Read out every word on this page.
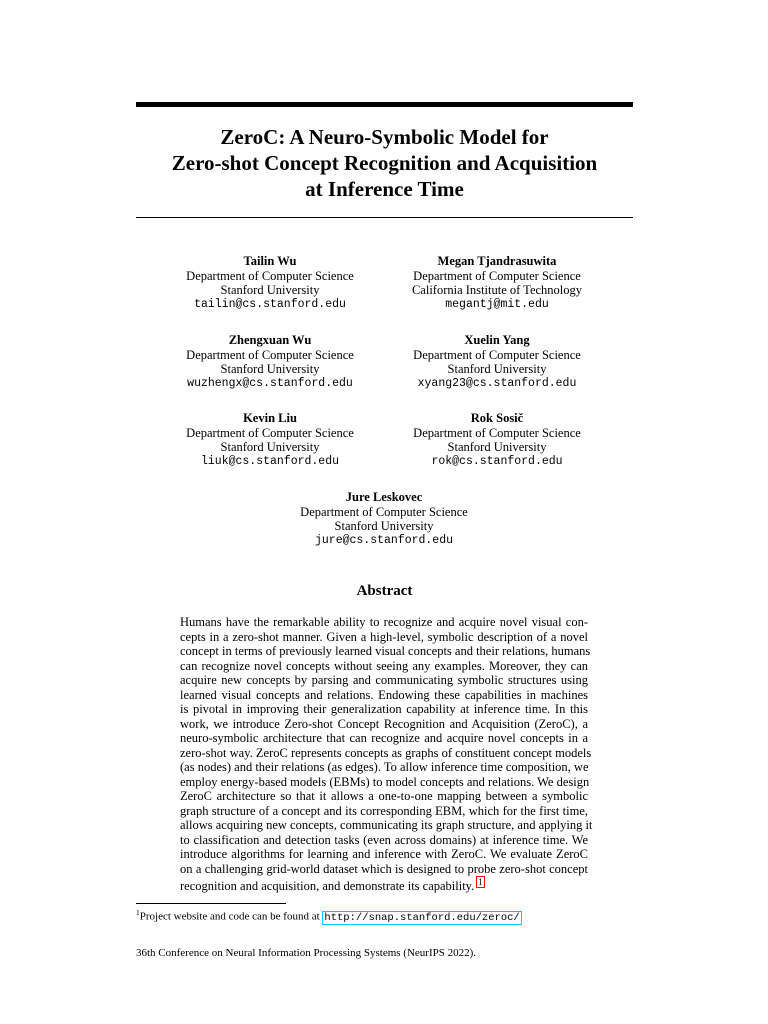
ZeroC: A Neuro-Symbolic Model for
Zero-shot Concept Recognition and Acquisition
at Inference Time
Tailin Wu
Department of Computer Science
Stanford University
tailin@cs.stanford.edu
Megan Tjandrasuwita
Department of Computer Science
California Institute of Technology
megantj@mit.edu
Zhengxuan Wu
Department of Computer Science
Stanford University
wuzhengx@cs.stanford.edu
Xuelin Yang
Department of Computer Science
Stanford University
xyang23@cs.stanford.edu
Kevin Liu
Department of Computer Science
Stanford University
liuk@cs.stanford.edu
Rok Sosič
Department of Computer Science
Stanford University
rok@cs.stanford.edu
Jure Leskovec
Department of Computer Science
Stanford University
jure@cs.stanford.edu
Abstract
Humans have the remarkable ability to recognize and acquire novel visual con-
cepts in a zero-shot manner. Given a high-level, symbolic description of a novel
concept in terms of previously learned visual concepts and their relations, humans
can recognize novel concepts without seeing any examples. Moreover, they can
acquire new concepts by parsing and communicating symbolic structures using
learned visual concepts and relations. Endowing these capabilities in machines
is pivotal in improving their generalization capability at inference time. In this
work, we introduce Zero-shot Concept Recognition and Acquisition (ZeroC), a
neuro-symbolic architecture that can recognize and acquire novel concepts in a
zero-shot way. ZeroC represents concepts as graphs of constituent concept models
(as nodes) and their relations (as edges). To allow inference time composition, we
employ energy-based models (EBMs) to model concepts and relations. We design
ZeroC architecture so that it allows a one-to-one mapping between a symbolic
graph structure of a concept and its corresponding EBM, which for the first time,
allows acquiring new concepts, communicating its graph structure, and applying it
to classification and detection tasks (even across domains) at inference time. We
introduce algorithms for learning and inference with ZeroC. We evaluate ZeroC
on a challenging grid-world dataset which is designed to probe zero-shot concept
recognition and acquisition, and demonstrate its capability. 1
$^1$Project website and code can be found at http://snap.stanford.edu/zeroc/
36th Conference on Neural Information Processing Systems (NeurIPS 2022).
